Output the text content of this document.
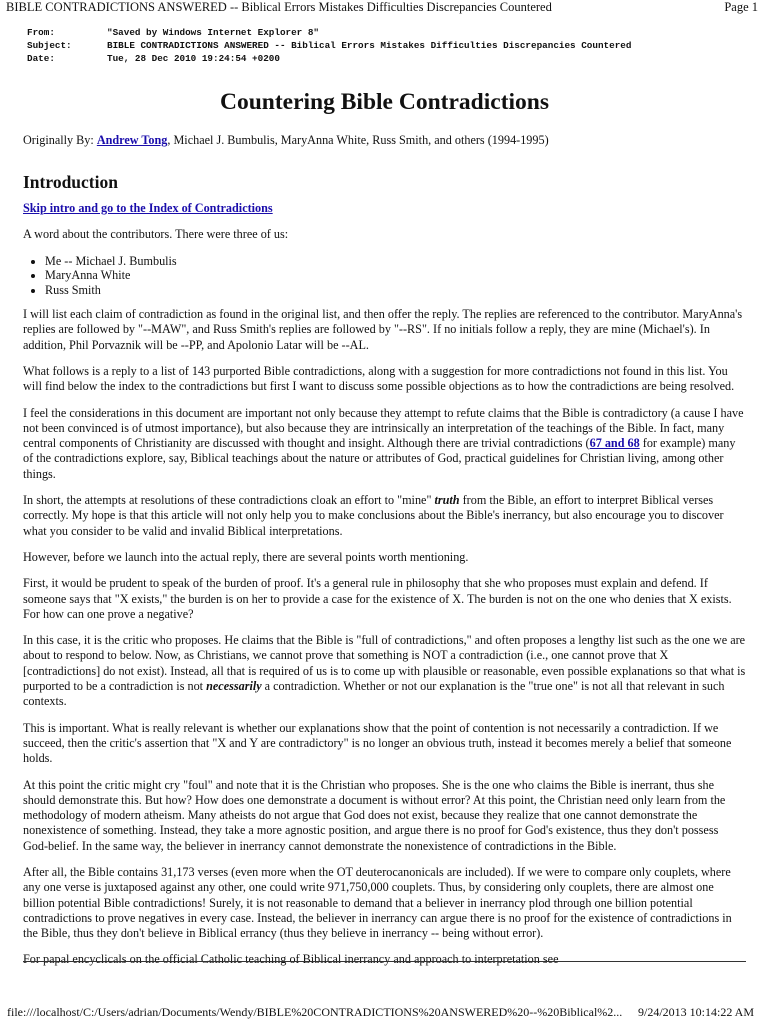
BIBLE CONTRADICTIONS ANSWERED -- Biblical Errors Mistakes Difficulties Discrepancies Countered	Page 1
From:	"Saved by Windows Internet Explorer 8"
Subject:	BIBLE CONTRADICTIONS ANSWERED -- Biblical Errors Mistakes Difficulties Discrepancies Countered
Date:	Tue, 28 Dec 2010 19:24:54 +0200
Countering Bible Contradictions
Originally By: Andrew Tong, Michael J. Bumbulis, MaryAnna White, Russ Smith, and others (1994-1995)
Introduction

Skip intro and go to the Index of Contradictions

A word about the contributors. There were three of us:

• Me -- Michael J. Bumbulis
• MaryAnna White
• Russ Smith

I will list each claim of contradiction as found in the original list, and then offer the reply. The replies are referenced to the contributor. MaryAnna's replies are followed by "--MAW", and Russ Smith's replies are followed by "--RS". If no initials follow a reply, they are mine (Michael's). In addition, Phil Porvaznik will be --PP, and Apolonio Latar will be --AL.

What follows is a reply to a list of 143 purported Bible contradictions, along with a suggestion for more contradictions not found in this list. You will find below the index to the contradictions but first I want to discuss some possible objections as to how the contradictions are being resolved.

I feel the considerations in this document are important not only because they attempt to refute claims that the Bible is contradictory (a cause I have not been convinced is of utmost importance), but also because they are intrinsically an interpretation of the teachings of the Bible. In fact, many central components of Christianity are discussed with thought and insight. Although there are trivial contradictions (67 and 68 for example) many of the contradictions explore, say, Biblical teachings about the nature or attributes of God, practical guidelines for Christian living, among other things.

In short, the attempts at resolutions of these contradictions cloak an effort to "mine" truth from the Bible, an effort to interpret Biblical verses correctly. My hope is that this article will not only help you to make conclusions about the Bible's inerrancy, but also encourage you to discover what you consider to be valid and invalid Biblical interpretations.

However, before we launch into the actual reply, there are several points worth mentioning.

First, it would be prudent to speak of the burden of proof. It's a general rule in philosophy that she who proposes must explain and defend. If someone says that "X exists," the burden is on her to provide a case for the existence of X. The burden is not on the one who denies that X exists. For how can one prove a negative?

In this case, it is the critic who proposes. He claims that the Bible is "full of contradictions," and often proposes a lengthy list such as the one we are about to respond to below. Now, as Christians, we cannot prove that something is NOT a contradiction (i.e., one cannot prove that X [contradictions] do not exist). Instead, all that is required of us is to come up with plausible or reasonable, even possible explanations so that what is purported to be a contradiction is not necessarily a contradiction. Whether or not our explanation is the "true one" is not all that relevant in such contexts.

This is important. What is really relevant is whether our explanations show that the point of contention is not necessarily a contradiction. If we succeed, then the critic's assertion that "X and Y are contradictory" is no longer an obvious truth, instead it becomes merely a belief that someone holds.

At this point the critic might cry "foul" and note that it is the Christian who proposes. She is the one who claims the Bible is inerrant, thus she should demonstrate this. But how? How does one demonstrate a document is without error? At this point, the Christian need only learn from the methodology of modern atheism. Many atheists do not argue that God does not exist, because they realize that one cannot demonstrate the nonexistence of something. Instead, they take a more agnostic position, and argue there is no proof for God's existence, thus they don't possess God-belief. In the same way, the believer in inerrancy cannot demonstrate the nonexistence of contradictions in the Bible.

After all, the Bible contains 31,173 verses (even more when the OT deuterocanonicals are included). If we were to compare only couplets, where any one verse is juxtaposed against any other, one could write 971,750,000 couplets. Thus, by considering only couplets, there are almost one billion potential Bible contradictions! Surely, it is not reasonable to demand that a believer in inerrancy plod through one billion potential contradictions to prove negatives in every case. Instead, the believer in inerrancy can argue there is no proof for the existence of contradictions in the Bible, thus they don't believe in Biblical errancy (thus they believe in inerrancy -- being without error).

For papal encyclicals on the official Catholic teaching of Biblical inerrancy and approach to interpretation see

file:///localhost/C:/Users/adrian/Documents/Wendy/BIBLE%20CONTRADICTIONS%20ANSWERED%20--%20Biblical%2... 9/24/2013 10:14:22 AM
